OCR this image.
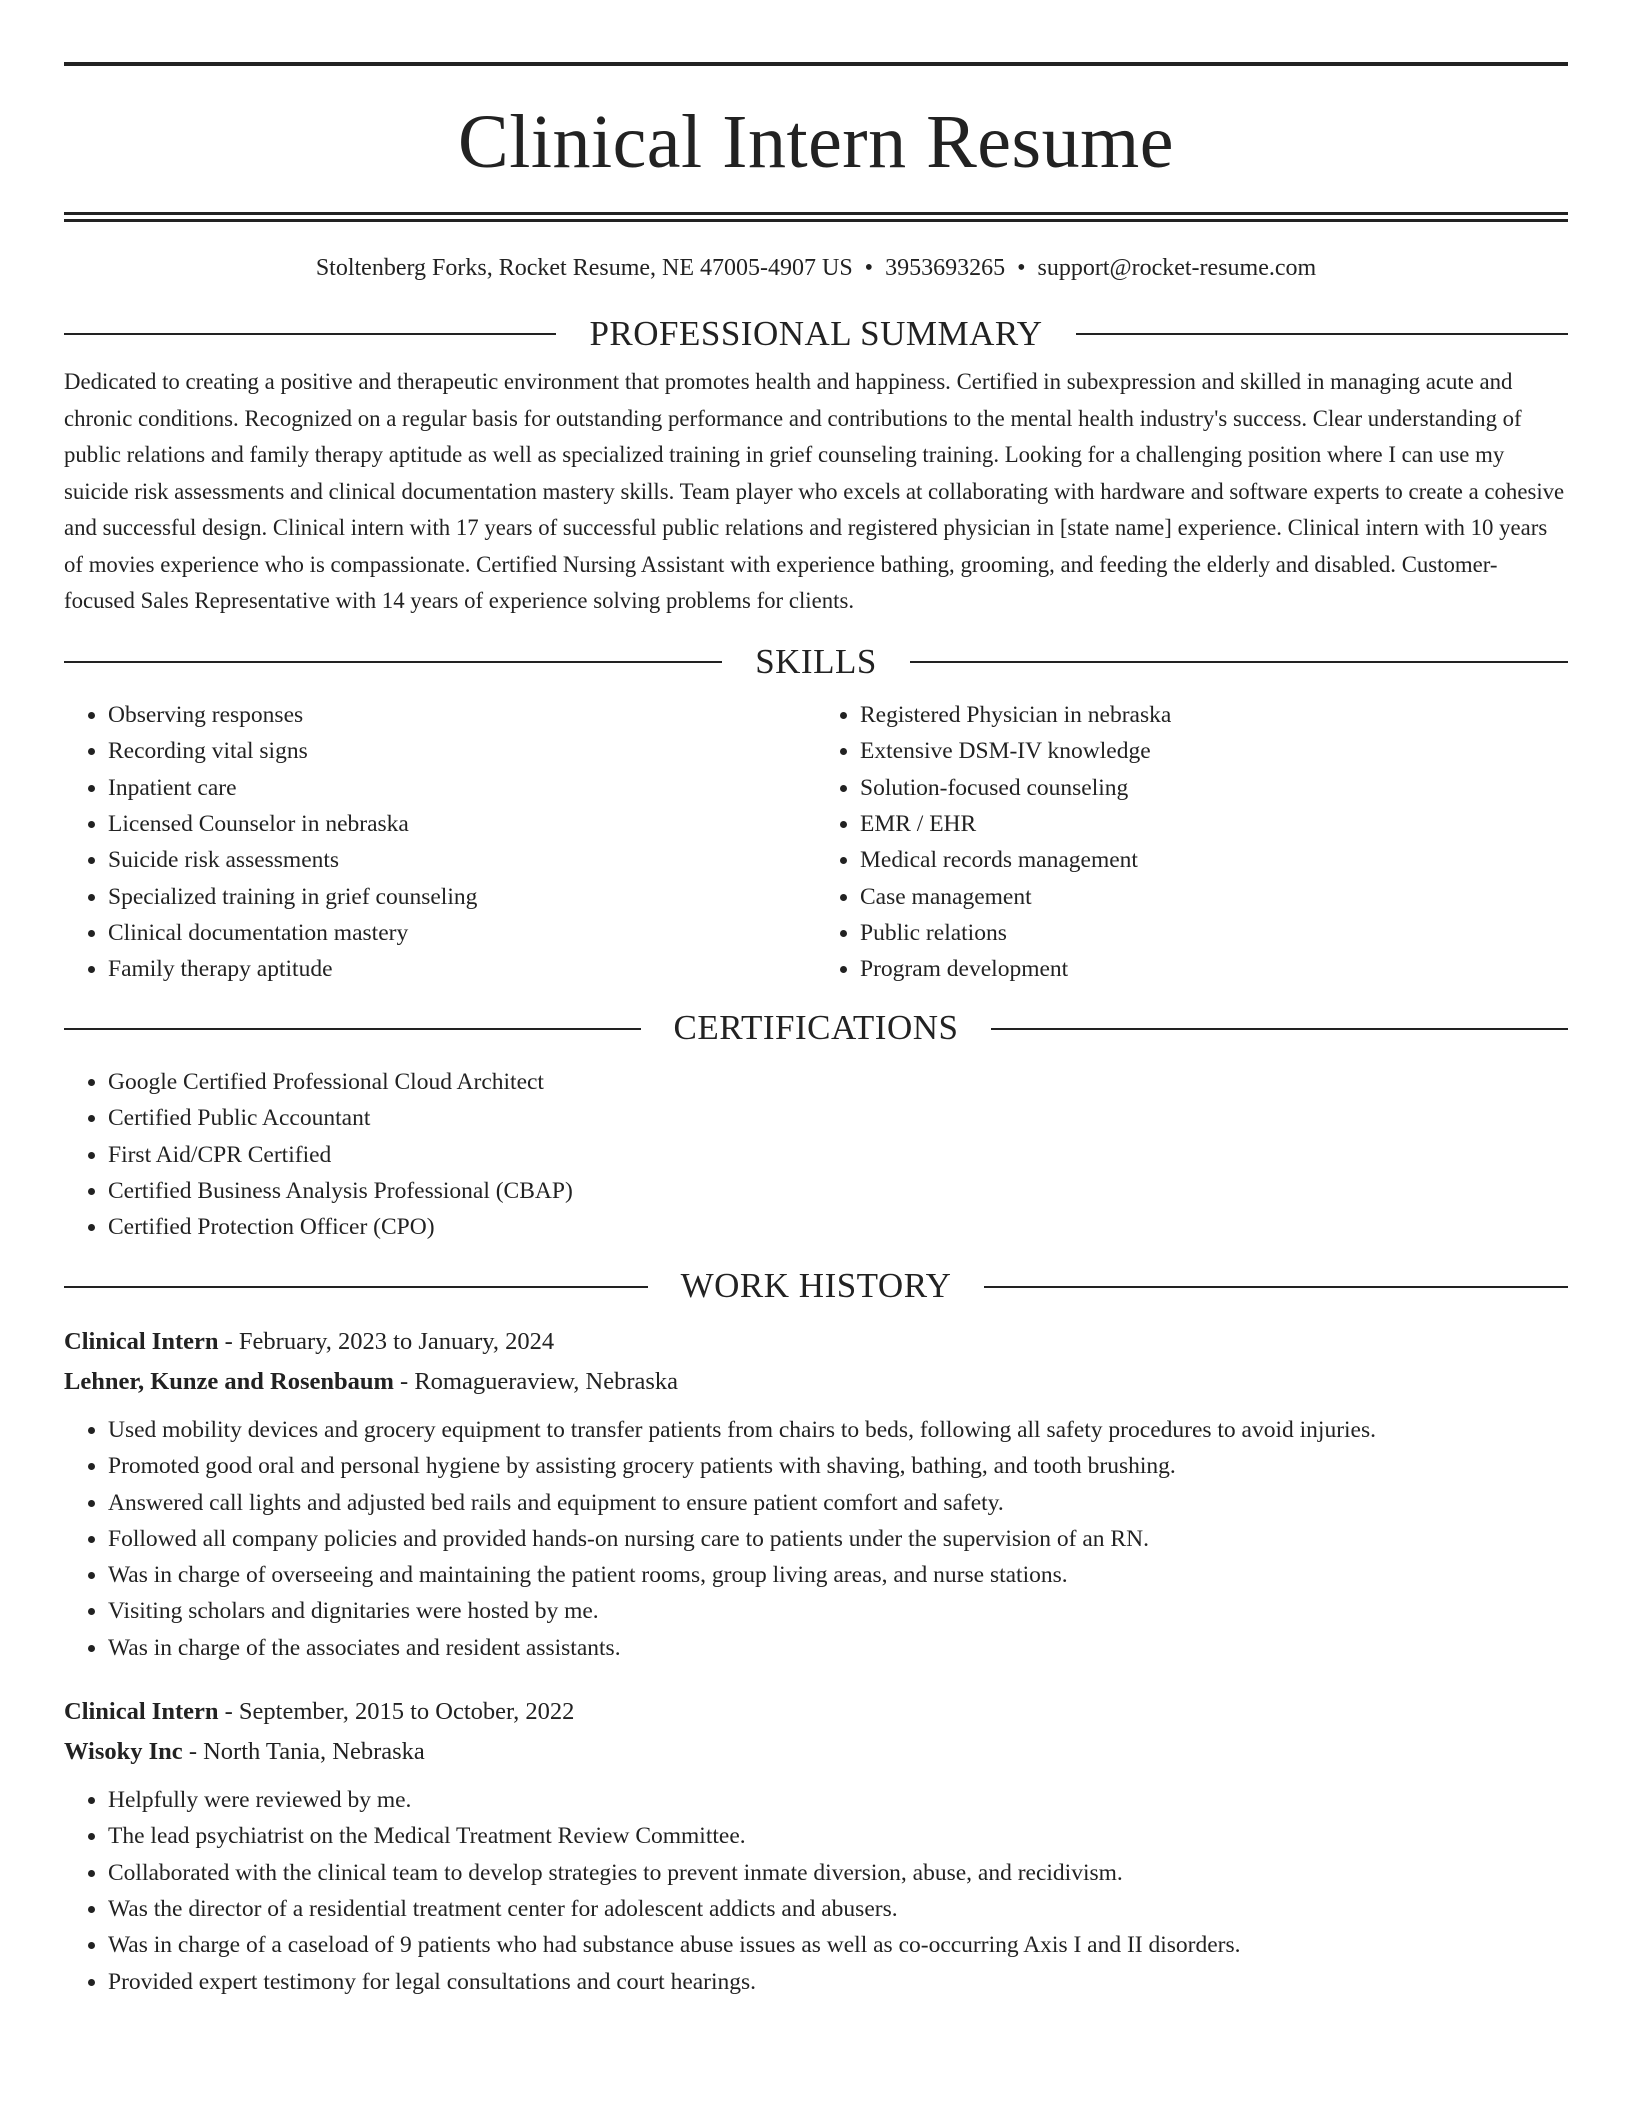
Clinical Intern Resume
Stoltenberg Forks, Rocket Resume, NE 47005-4907 US • 3953693265 • support@rocket-resume.com
PROFESSIONAL SUMMARY

Dedicated to creating a positive and therapeutic environment that promotes health and happiness. Certified in subexpression and skilled in managing acute and chronic conditions. Recognized on a regular basis for outstanding performance and contributions to the mental health industry's success. Clear understanding of public relations and family therapy aptitude as well as specialized training in grief counseling training. Looking for a challenging position where I can use my suicide risk assessments and clinical documentation mastery skills. Team player who excels at collaborating with hardware and software experts to create a cohesive and successful design. Clinical intern with 17 years of successful public relations and registered physician in [state name] experience. Clinical intern with 10 years of movies experience who is compassionate. Certified Nursing Assistant with experience bathing, grooming, and feeding the elderly and disabled. Customer-focused Sales Representative with 14 years of experience solving problems for clients.

SKILLS
• Observing responses
• Recording vital signs
• Inpatient care
• Licensed Counselor in nebraska
• Suicide risk assessments
• Specialized training in grief counseling
• Clinical documentation mastery
• Family therapy aptitude
• Registered Physician in nebraska
• Extensive DSM-IV knowledge
• Solution-focused counseling
• EMR / EHR
• Medical records management
• Case management
• Public relations
• Program development
CERTIFICATIONS
• Google Certified Professional Cloud Architect
• Certified Public Accountant
• First Aid/CPR Certified
• Certified Business Analysis Professional (CBAP)
• Certified Protection Officer (CPO)
WORK HISTORY
Clinical Intern - February, 2023 to January, 2024
Lehner, Kunze and Rosenbaum - Romagueraview, Nebraska
• Used mobility devices and grocery equipment to transfer patients from chairs to beds, following all safety procedures to avoid injuries.
• Promoted good oral and personal hygiene by assisting grocery patients with shaving, bathing, and tooth brushing.
• Answered call lights and adjusted bed rails and equipment to ensure patient comfort and safety.
• Followed all company policies and provided hands-on nursing care to patients under the supervision of an RN.
• Was in charge of overseeing and maintaining the patient rooms, group living areas, and nurse stations.
• Visiting scholars and dignitaries were hosted by me.
• Was in charge of the associates and resident assistants.
Clinical Intern - September, 2015 to October, 2022
Wisoky Inc - North Tania, Nebraska
• Helpfully were reviewed by me.
• The lead psychiatrist on the Medical Treatment Review Committee.
• Collaborated with the clinical team to develop strategies to prevent inmate diversion, abuse, and recidivism.
• Was the director of a residential treatment center for adolescent addicts and abusers.
• Was in charge of a caseload of 9 patients who had substance abuse issues as well as co-occurring Axis I and II disorders.
• Provided expert testimony for legal consultations and court hearings.
